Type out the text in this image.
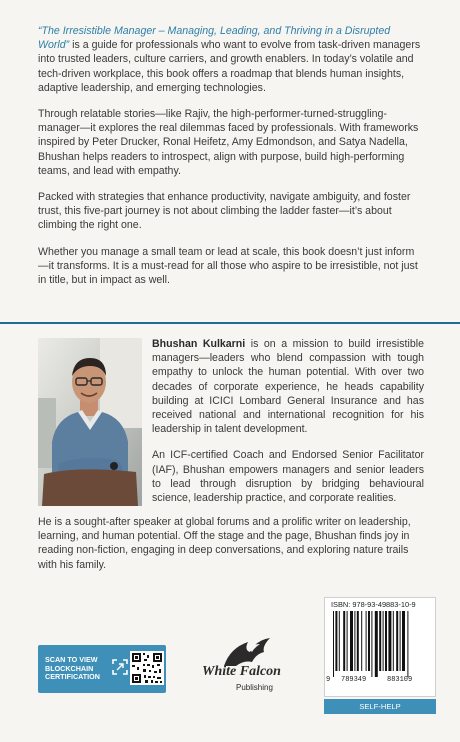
“The Irresistible Manager – Managing, Leading, and Thriving in a Disrupted World” is a guide for professionals who want to evolve from task-driven managers into trusted leaders, culture carriers, and growth enablers. In today’s volatile and tech-driven workplace, this book offers a roadmap that blends human insights, adaptive leadership, and emerging technologies.

Through relatable stories—like Rajiv, the high-performer-turned-struggling-manager—it explores the real dilemmas faced by professionals. With frameworks inspired by Peter Drucker, Ronal Heifetz, Amy Edmondson, and Satya Nadella, Bhushan helps readers to introspect, align with purpose, build high-performing teams, and lead with empathy.

Packed with strategies that enhance productivity, navigate ambiguity, and foster trust, this five-part journey is not about climbing the ladder faster—it’s about climbing the right one.

Whether you manage a small team or lead at scale, this book doesn’t just inform—it transforms. It is a must-read for all those who aspire to be irresistible, not just in title, but in impact as well.

Bhushan Kulkarni is on a mission to build irresistible managers—leaders who blend compassion with tough empathy to unlock the human potential. With over two decades of corporate experience, he heads capability building at ICICI Lombard General Insurance and has received national and international recognition for his leadership in talent development.

An ICF-certified Coach and Endorsed Senior Facilitator (IAF), Bhushan empowers managers and senior leaders to lead through disruption by bridging behavioural science, leadership practice, and corporate realities.

He is a sought-after speaker at global forums and a prolific writer on leadership, learning, and human potential. Off the stage and the page, Bhushan finds joy in reading non-fiction, engaging in deep conversations, and exploring nature trails with his family.

SCAN TO VIEW BLOCKCHAIN CERTIFICATION	White Falcon
Publishing
ISBN: 978-93-49883-10-9
9 789349	883109
SELF-HELP
